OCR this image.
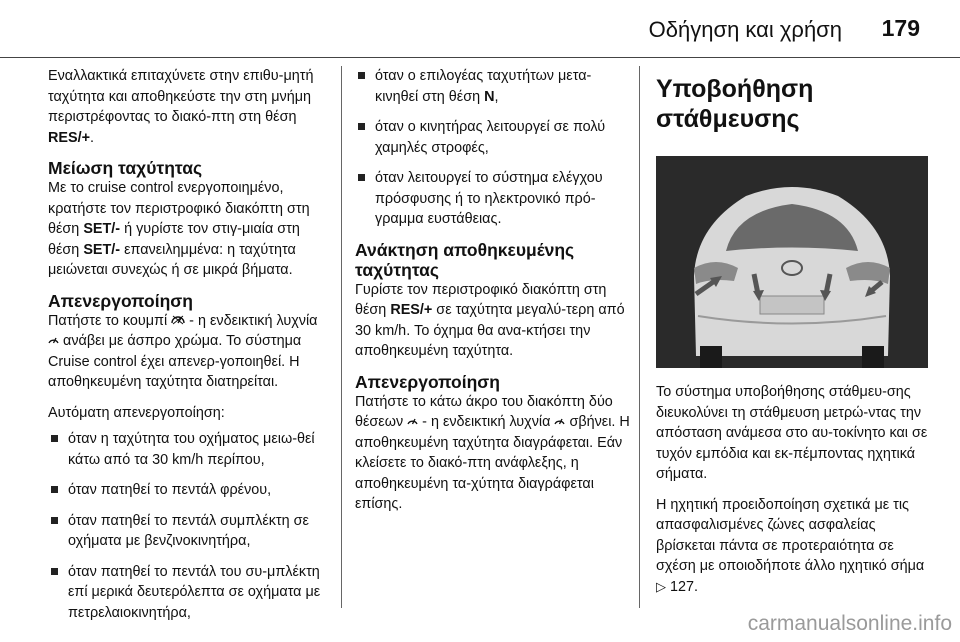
Οδήγηση και χρήση 179

Εναλλακτικά επιταχύνετε στην επιθυ-μητή ταχύτητα και αποθηκεύστε την στη μνήμη περιστρέφοντας το διακό-πτη στη θέση RES/+.

Μείωση ταχύτητας

Με το cruise control ενεργοποιημένο, κρατήστε τον περιστροφικό διακόπτη στη θέση SET/- ή γυρίστε τον στιγ-μιαία στη θέση SET/- επανειλημμένα: η ταχύτητα μειώνεται συνεχώς ή σε μικρά βήματα.

Απενεργοποίηση

Πατήστε το κουμπί  - η ενδεικτική λυχνία  ανάβει με άσπρο χρώμα. Το σύστημα Cruise control έχει απενερ-γοποιηθεί. Η αποθηκευμένη ταχύτητα διατηρείται.

Αυτόματη απενεργοποίηση:

όταν η ταχύτητα του οχήματος μειω-θεί κάτω από τα 30 km/h περίπου,
όταν πατηθεί το πεντάλ φρένου,
όταν πατηθεί το πεντάλ συμπλέκτη σε οχήματα με βενζινοκινητήρα,
όταν πατηθεί το πεντάλ του συ-μπλέκτη επί μερικά δευτερόλεπτα σε οχήματα με πετρελαιοκινητήρα,
όταν ο επιλογέας ταχυτήτων μετα-κινηθεί στη θέση N,
όταν ο κινητήρας λειτουργεί σε πολύ χαμηλές στροφές,
όταν λειτουργεί το σύστημα ελέγχου πρόσφυσης ή το ηλεκτρονικό πρό-γραμμα ευστάθειας.
Ανάκτηση αποθηκευμένης ταχύτητας

Γυρίστε τον περιστροφικό διακόπτη στη θέση RES/+ σε ταχύτητα μεγαλύ-τερη από 30 km/h. Το όχημα θα ανα-κτήσει την αποθηκευμένη ταχύτητα.

Απενεργοποίηση

Πατήστε το κάτω άκρο του διακόπτη δύο θέσεων  - η ενδεικτική λυχνία  σβήνει. Η αποθηκευμένη ταχύτητα διαγράφεται. Εάν κλείσετε το διακό-πτη ανάφλεξης, η αποθηκευμένη τα-χύτητα διαγράφεται επίσης.

Υποβοήθηση στάθμευσης

Το σύστημα υποβοήθησης στάθμευ-σης διευκολύνει τη στάθμευση μετρώ-ντας την απόσταση ανάμεσα στο αυ-τοκίνητο και σε τυχόν εμπόδια και εκ-πέμποντας ηχητικά σήματα.

Η ηχητική προειδοποίηση σχετικά με τις απασφαλισμένες ζώνες ασφαλείας βρίσκεται πάντα σε προτεραιότητα σε σχέση με οποιοδήποτε άλλο ηχητικό σήμα ▷ 127.

carmanualsonline.info
